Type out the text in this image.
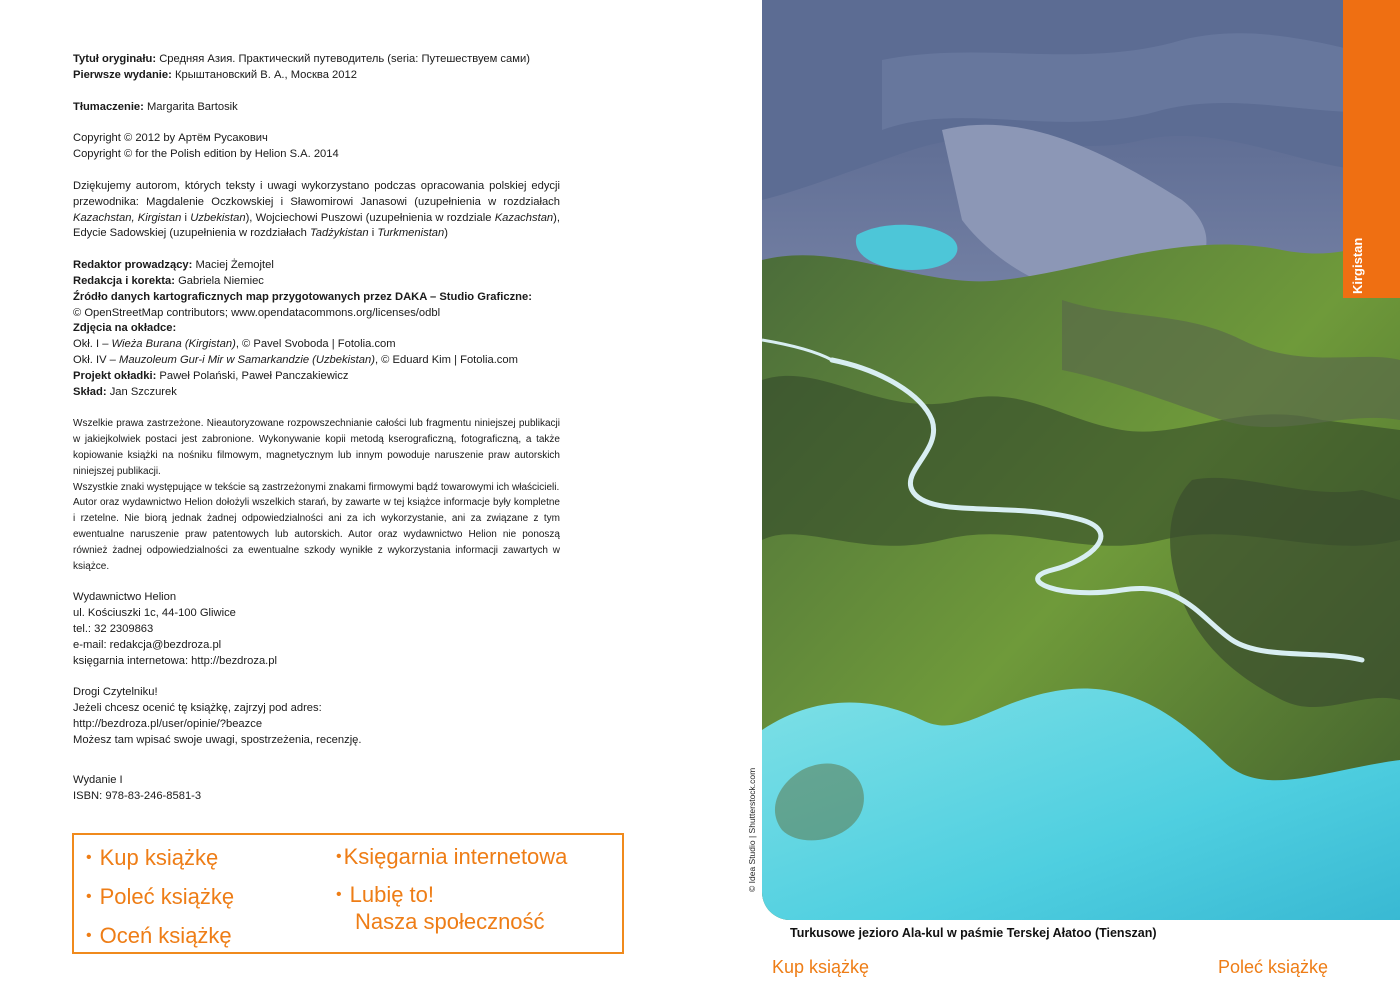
Tytuł oryginału: Средняя Азия. Практический путеводитель (seria: Путешествуем сами)

Pierwsze wydanie: Крыштановский В. А., Москва 2012

Tłumaczenie: Margarita Bartosik

Copyright © 2012 by Артём Русакович

Copyright © for the Polish edition by Helion S.A. 2014

Dziękujemy autorom, których teksty i uwagi wykorzystano podczas opracowania polskiej edycji przewodnika: Magdalenie Oczkowskiej i Sławomirowi Janasowi (uzupełnienia w rozdziałach Kazachstan, Kirgistan i Uzbekistan), Wojciechowi Puszowi (uzupełnienia w rozdziale Kazachstan), Edycie Sadowskiej (uzupełnienia w rozdziałach Tadżykistan i Turkmenistan)

Redaktor prowadzący: Maciej Żemojtel

Redakcja i korekta: Gabriela Niemiec

Źródło danych kartograficznych map przygotowanych przez DAKA – Studio Graficzne:

© OpenStreetMap contributors; www.opendatacommons.org/licenses/odbl

Zdjęcia na okładce:

Okł. I – Wieża Burana (Kirgistan), © Pavel Svoboda | Fotolia.com

Okł. IV – Mauzoleum Gur-i Mir w Samarkandzie (Uzbekistan), © Eduard Kim | Fotolia.com

Projekt okładki: Paweł Polański, Paweł Panczakiewicz

Skład: Jan Szczurek

Wszelkie prawa zastrzeżone. Nieautoryzowane rozpowszechnianie całości lub fragmentu niniejszej publikacji w jakiejkolwiek postaci jest zabronione. Wykonywanie kopii metodą kserograficzną, fotograficzną, a także kopiowanie książki na nośniku filmowym, magnetycznym lub innym powoduje naruszenie praw autorskich niniejszej publikacji.

Wszystkie znaki występujące w tekście są zastrzeżonymi znakami firmowymi bądź towarowymi ich właścicieli.

Autor oraz wydawnictwo Helion dołożyli wszelkich starań, by zawarte w tej książce informacje były kompletne i rzetelne. Nie biorą jednak żadnej odpowiedzialności ani za ich wykorzystanie, ani za związane z tym ewentualne naruszenie praw patentowych lub autorskich. Autor oraz wydawnictwo Helion nie ponoszą również żadnej odpowiedzialności za ewentualne szkody wynikłe z wykorzystania informacji zawartych w książce.

Wydawnictwo Helion

ul. Kościuszki 1c, 44-100 Gliwice

tel.: 32 2309863

e-mail: redakcja@bezdroza.pl

księgarnia internetowa: http://bezdroza.pl

Drogi Czytelniku!

Jeżeli chcesz ocenić tę książkę, zajrzyj pod adres:

http://bezdroza.pl/user/opinie/?beazce

Możesz tam wpisać swoje uwagi, spostrzeżenia, recenzję.

Wydanie I

ISBN: 978-83-246-8581-3

• Kup książkę
• Poleć książkę
• Oceń książkę
•Księgarnia internetowa
• Lubię to!
Nasza społeczność
Kirgistan
© Idea Studio | Shutterstock.com
Turkusowe jezioro Ala-kul w paśmie Terskej Ałatoo (Tienszan)
Kup książkę	Poleć książkę
